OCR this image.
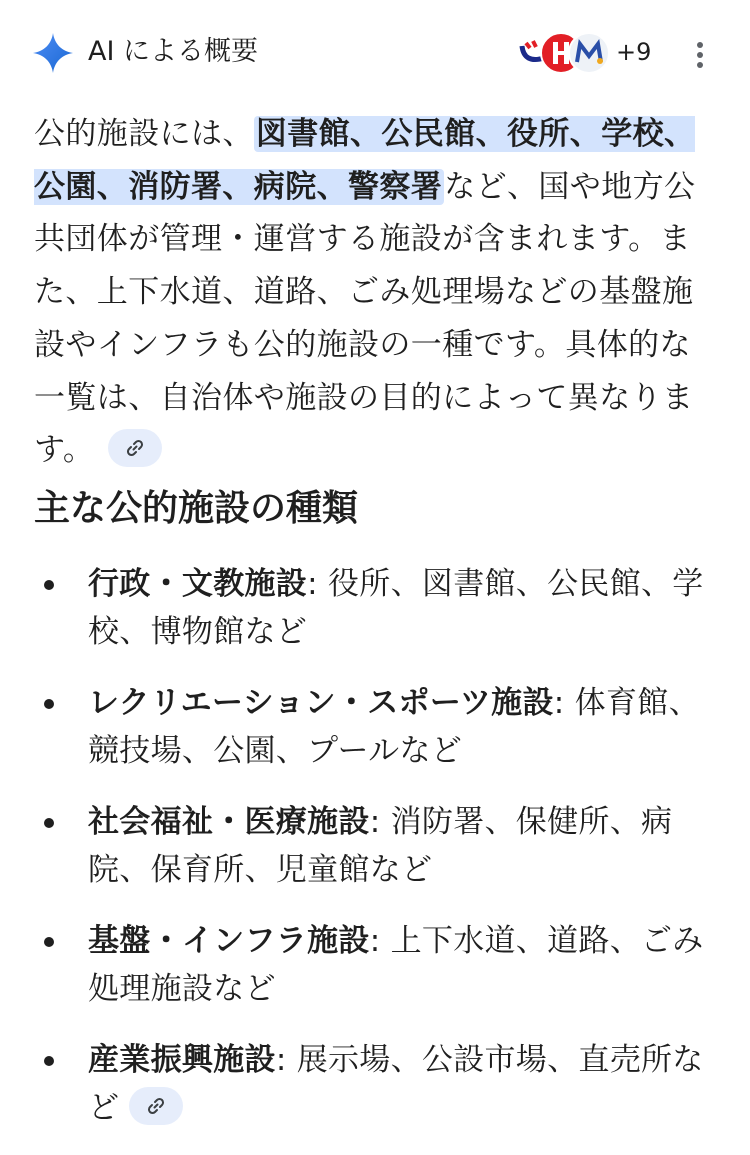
AI による概要	+9
公的施設には、図書館、公民館、役所、学校、公園、消防署、病院、警察署など、国や地方公共団体が管理・運営する施設が含まれます。また、上下水道、道路、ごみ処理場などの基盤施設やインフラも公的施設の一種です。具体的な一覧は、自治体や施設の目的によって異なります。
主な公的施設の種類
行政・文教施設: 役所、図書館、公民館、学校、博物館など
レクリエーション・スポーツ施設: 体育館、競技場、公園、プールなど
社会福祉・医療施設: 消防署、保健所、病院、保育所、児童館など
基盤・インフラ施設: 上下水道、道路、ごみ処理施設など
産業振興施設: 展示場、公設市場、直売所など
